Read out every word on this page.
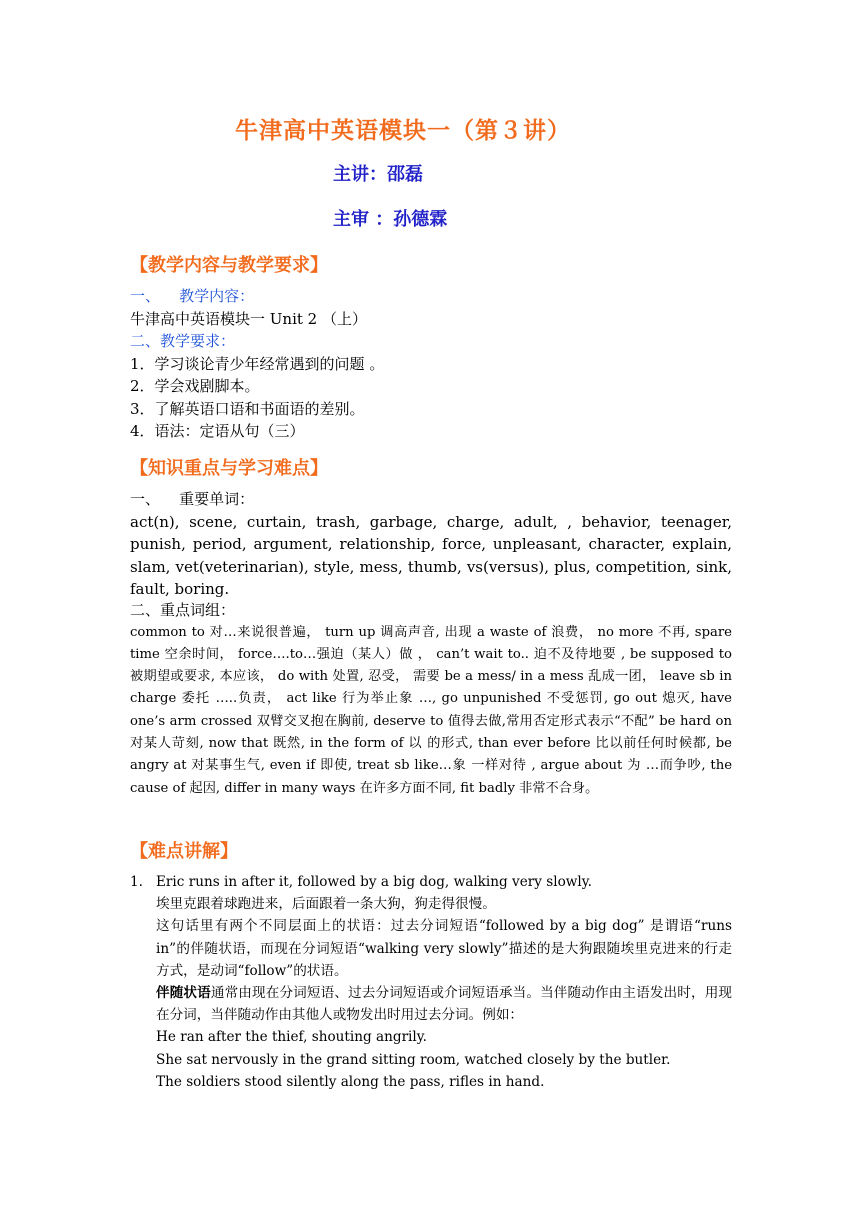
牛津高中英语模块一（第３讲）
主讲：邵磊
主审 ：孙德霖
【教学内容与教学要求】

一、    教学内容：

牛津高中英语模块一 Unit 2 （上）

二、教学要求：

1．学习谈论青少年经常遇到的问题 。

2．学会戏剧脚本。

3．了解英语口语和书面语的差别。

4．语法：定语从句（三）

【知识重点与学习难点】

一、    重要单词：

act(n), scene, curtain, trash, garbage, charge, adult, , behavior, teenager, punish, period, argument, relationship, force, unpleasant, character, explain, slam, vet(veterinarian), style, mess, thumb, vs(versus), plus, competition, sink, fault, boring.

二、重点词组：

common to 对…来说很普遍， turn up 调高声音, 出现 a waste of 浪费， no more 不再, spare time 空余时间， force….to…强迫（某人）做 ， can’t wait to.. 迫不及待地要 , be supposed to 被期望或要求, 本应该， do with 处置, 忍受， 需要 be a mess/ in a mess 乱成一团， leave sb in charge 委托 …..负责， act like 行为举止象 …, go unpunished 不受惩罚, go out 熄灭, have one’s arm crossed 双臂交叉抱在胸前, deserve to 值得去做,常用否定形式表示“不配” be hard on 对某人苛刻, now that 既然, in the form of 以 的形式, than ever before 比以前任何时候都, be angry at 对某事生气, even if 即使, treat sb like…象 一样对待 , argue about 为 …而争吵, the cause of 起因, differ in many ways 在许多方面不同, fit badly 非常不合身。

【难点讲解】
1. Eric runs in after it, followed by a big dog, walking very slowly.

埃里克跟着球跑进来，后面跟着一条大狗，狗走得很慢。

这句话里有两个不同层面上的状语：过去分词短语“followed by a big dog” 是谓语“runs in”的伴随状语，而现在分词短语“walking very slowly”描述的是大狗跟随埃里克进来的行走方式，是动词“follow”的状语。

伴随状语通常由现在分词短语、过去分词短语或介词短语承当。当伴随动作由主语发出时，用现在分词，当伴随动作由其他人或物发出时用过去分词。例如：

He ran after the thief, shouting angrily.

She sat nervously in the grand sitting room, watched closely by the butler.

The soldiers stood silently along the pass, rifles in hand.
